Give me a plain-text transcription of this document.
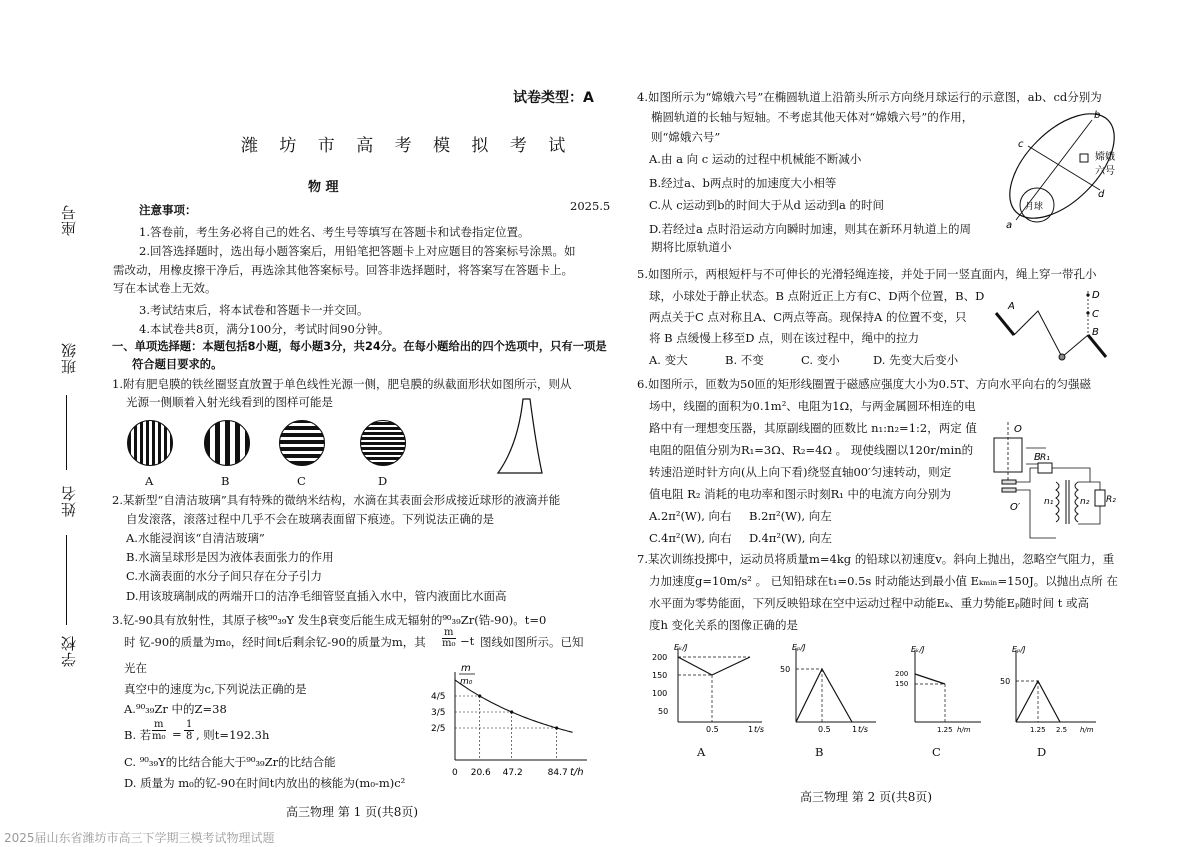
座号
班级
姓名
学校
试卷类型：A
潍 坊 市 高 考 模 拟 考 试
物 理
2025.5
注意事项：
1.答卷前，考生务必将自己的姓名、考生号等填写在答题卡和试卷指定位置。
2.回答选择题时，选出每小题答案后，用铅笔把答题卡上对应题目的答案标号涂黑。如
需改动，用橡皮擦干净后，再选涂其他答案标号。回答非选择题时，将答案写在答题卡上。
写在本试卷上无效。
3.考试结束后，将本试卷和答题卡一并交回。
4.本试卷共8页，满分100分，考试时间90分钟。
一、单项选择题：本题包括8小题，每小题3分，共24分。在每小题给出的四个选项中，只有一项是
符合题目要求的。
1.附有肥皂膜的铁丝圈竖直放置于单色线性光源一侧，肥皂膜的纵截面形状如图所示，则从
光源一侧顺着入射光线看到的图样可能是
A	B	C	D
2.某新型“自清洁玻璃”具有特殊的微纳米结构，水滴在其表面会形成接近球形的液滴并能
自发滚落，滚落过程中几乎不会在玻璃表面留下痕迹。下列说法正确的是
A.水能浸润该“自清洁玻璃”
B.水滴呈球形是因为液体表面张力的作用
C.水滴表面的水分子间只存在分子引力
D.用该玻璃制成的两端开口的洁净毛细管竖直插入水中，管内液面比水面高
3.钇-90具有放射性，其原子核⁹⁰₃₉Y 发生β衰变后能生成无辐射的⁹⁰₃₉Zr(锆-90)。t=0
时 钇-90的质量为m₀，经时间t后剩余钇-90的质量为m，其 $\frac{m}{\text{m₀}} -t$ 图线如图所示。已知
光在
真空中的速度为c,下列说法正确的是
A.⁹⁰₃₉Zr 中的Z=38
B. 若 $\frac{m}{\text{m₀}} = \frac{1}{8}$ , 则t=192.3h
C. ⁹⁰₃₉Y的比结合能大于⁹⁰₃₉Zr的比结合能
D. 质量为 m₀的钇-90在时间t内放出的核能为(m₀-m)c²
m
m₀
4/5
3/5
2/5
0 20.6 47.2	84.7 t/h
高三物理 第 1 页(共8页)
2025届山东省潍坊市高三下学期三模考试物理试题
4.如图所示为“嫦娥六号”在椭圆轨道上沿箭头所示方向绕月球运行的示意图，ab、cd分别为
椭圆轨道的长轴与短轴。不考虑其他天体对“嫦娥六号”的作用，
则“嫦娥六号”
A.由 a 向 c 运动的过程中机械能不断减小
B.经过a、b两点时的加速度大小相等
C.从 c运动到b的时间大于从d 运动到a 的时间
D.若经过a 点时沿运动方向瞬时加速，则其在新环月轨道上的周
期将比原轨道小
月球
a
b
c
d
嫦娥
六号
5.如图所示，两根短杆与不可伸长的光滑轻绳连接，并处于同一竖直面内，绳上穿一带孔小
球，小球处于静止状态。B 点附近正上方有C、D两个位置，B、D
两点关于C 点对称且A、C两点等高。现保持A 的位置不变，只
将 B 点缓慢上移至D 点，则在该过程中，绳中的拉力
A. 变大	B. 不变	C. 变小	D. 先变大后变小
A
B
C
D
6.如图所示，匝数为50匝的矩形线圈置于磁感应强度大小为0.5T、方向水平向右的匀强磁
场中，线圈的面积为0.1m²、电阻为1Ω，与两金属圆环相连的电
路中有一理想变压器，其原副线圈的匝数比 n₁:n₂=1:2，两定 值
电阻的阻值分别为R₁=3Ω、R₂=4Ω 。 现使线圈以120r/min的
转速沿逆时针方向(从上向下看)绕竖直轴00′匀速转动，则定
值电阻 R₂ 消耗的电功率和图示时刻R₁ 中的电流方向分别为
A.2π²(W), 向右 B.2π²(W), 向左
C.4π²(W), 向右 D.4π²(W), 向左
O
B
O′
R₁
n₁	n₂ R₂
7.某次训练投掷中，运动员将质量m=4kg 的铅球以初速度v。斜向上抛出，忽略空气阻力，重
力加速度g=10m/s² 。 已知铅球在t₁=0.5s 时动能达到最小值 Eₖₘᵢₙ=150J。以抛出点所 在
水平面为零势能面，下列反映铅球在空中运动过程中动能Eₖ、重力势能Eₚ随时间 t 或高
度h 变化关系的图像正确的是
Eₖ/J
200
150
100
50
0.5	1 t/s
A
Eₚ/J
50
0.5	1 t/s
B
Eₖ/J
200
150
1.25 h/m
C
Eₚ/J
50
1.25 2.5 h/m
D
高三物理 第 2 页(共8页)
